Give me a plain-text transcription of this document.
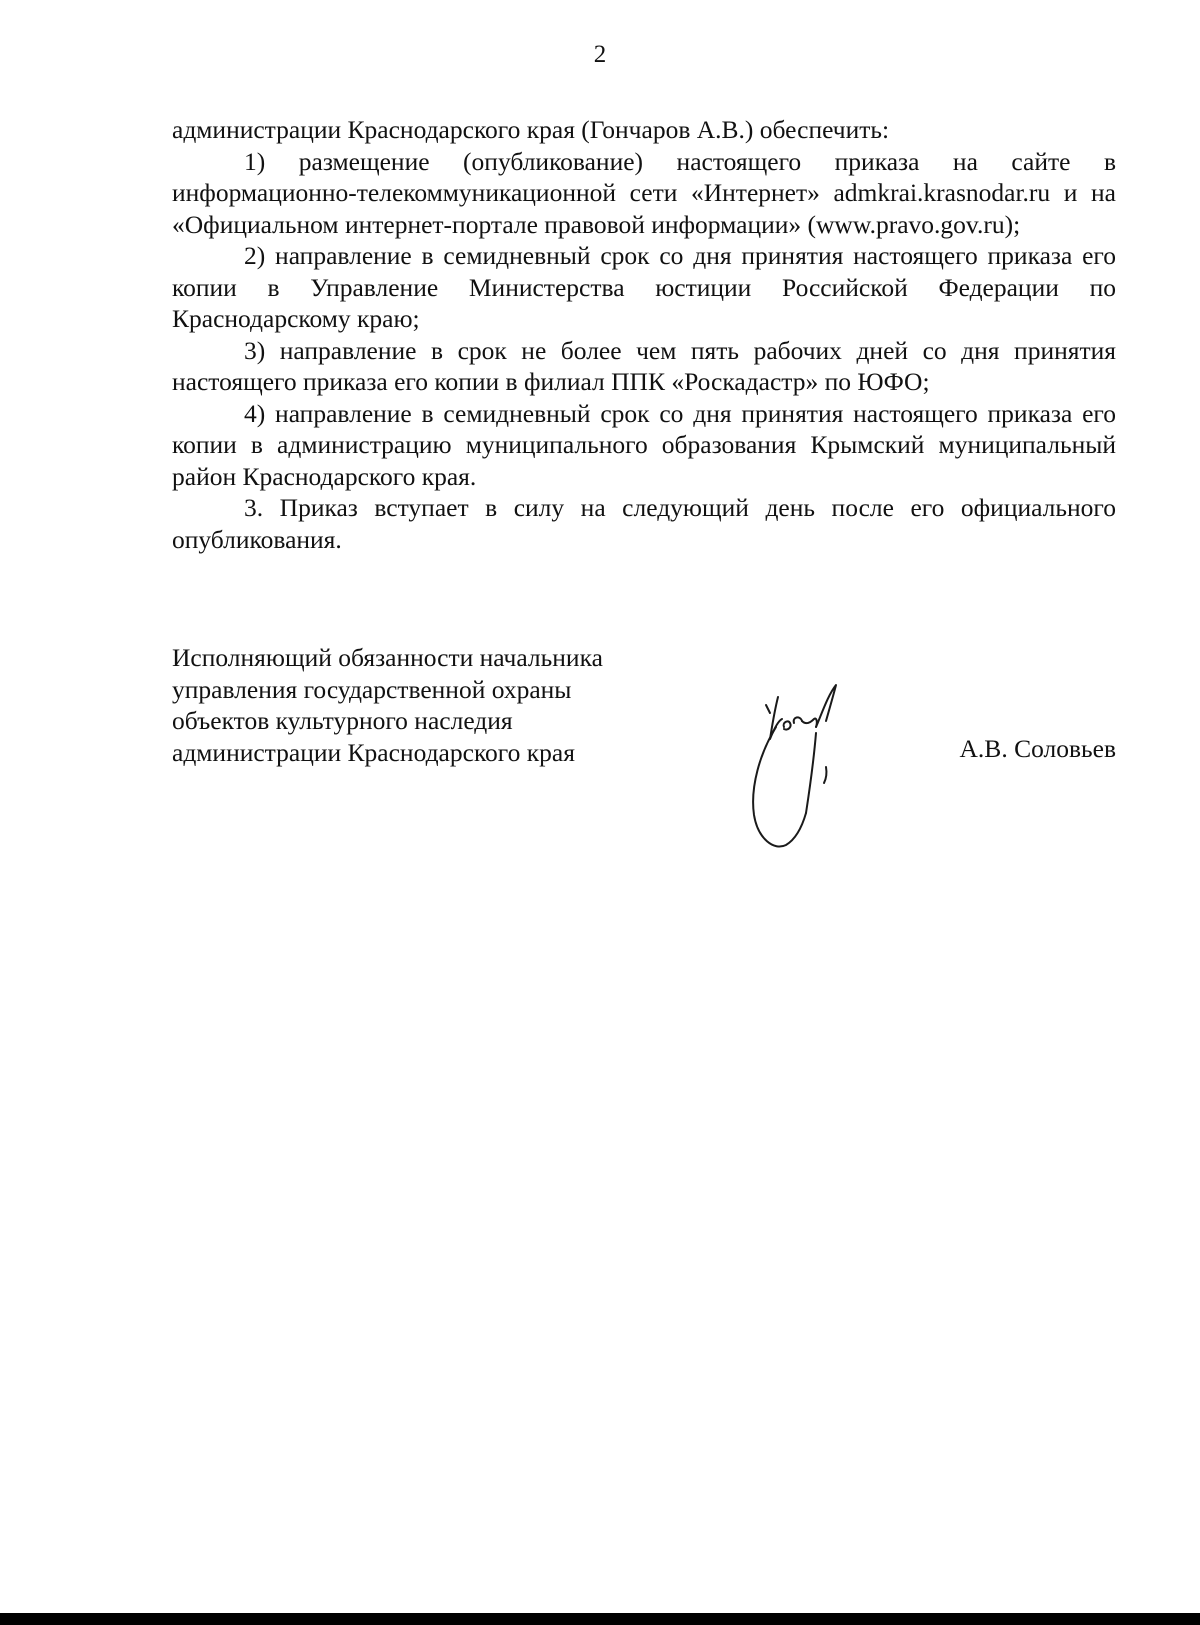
2

администрации Краснодарского края (Гончаров А.В.) обеспечить:

1) размещение (опубликование) настоящего приказа на сайте в информационно-телекоммуникационной сети «Интернет» admkrai.krasnodar.ru и на «Официальном интернет-портале правовой информации» (www.pravo.gov.ru);

2) направление в семидневный срок со дня принятия настоящего приказа его копии в Управление Министерства юстиции Российской Федерации по Краснодарскому краю;

3) направление в срок не более чем пять рабочих дней со дня принятия настоящего приказа его копии в филиал ППК «Роскадастр» по ЮФО;

4) направление в семидневный срок со дня принятия настоящего приказа его копии в администрацию муниципального образования Крымский муниципальный район Краснодарского края.

3. Приказ вступает в силу на следующий день после его официального опубликования.

Исполняющий обязанности начальника
управления государственной охраны
объектов культурного наследия
администрации Краснодарского края	А.В. Соловьев
